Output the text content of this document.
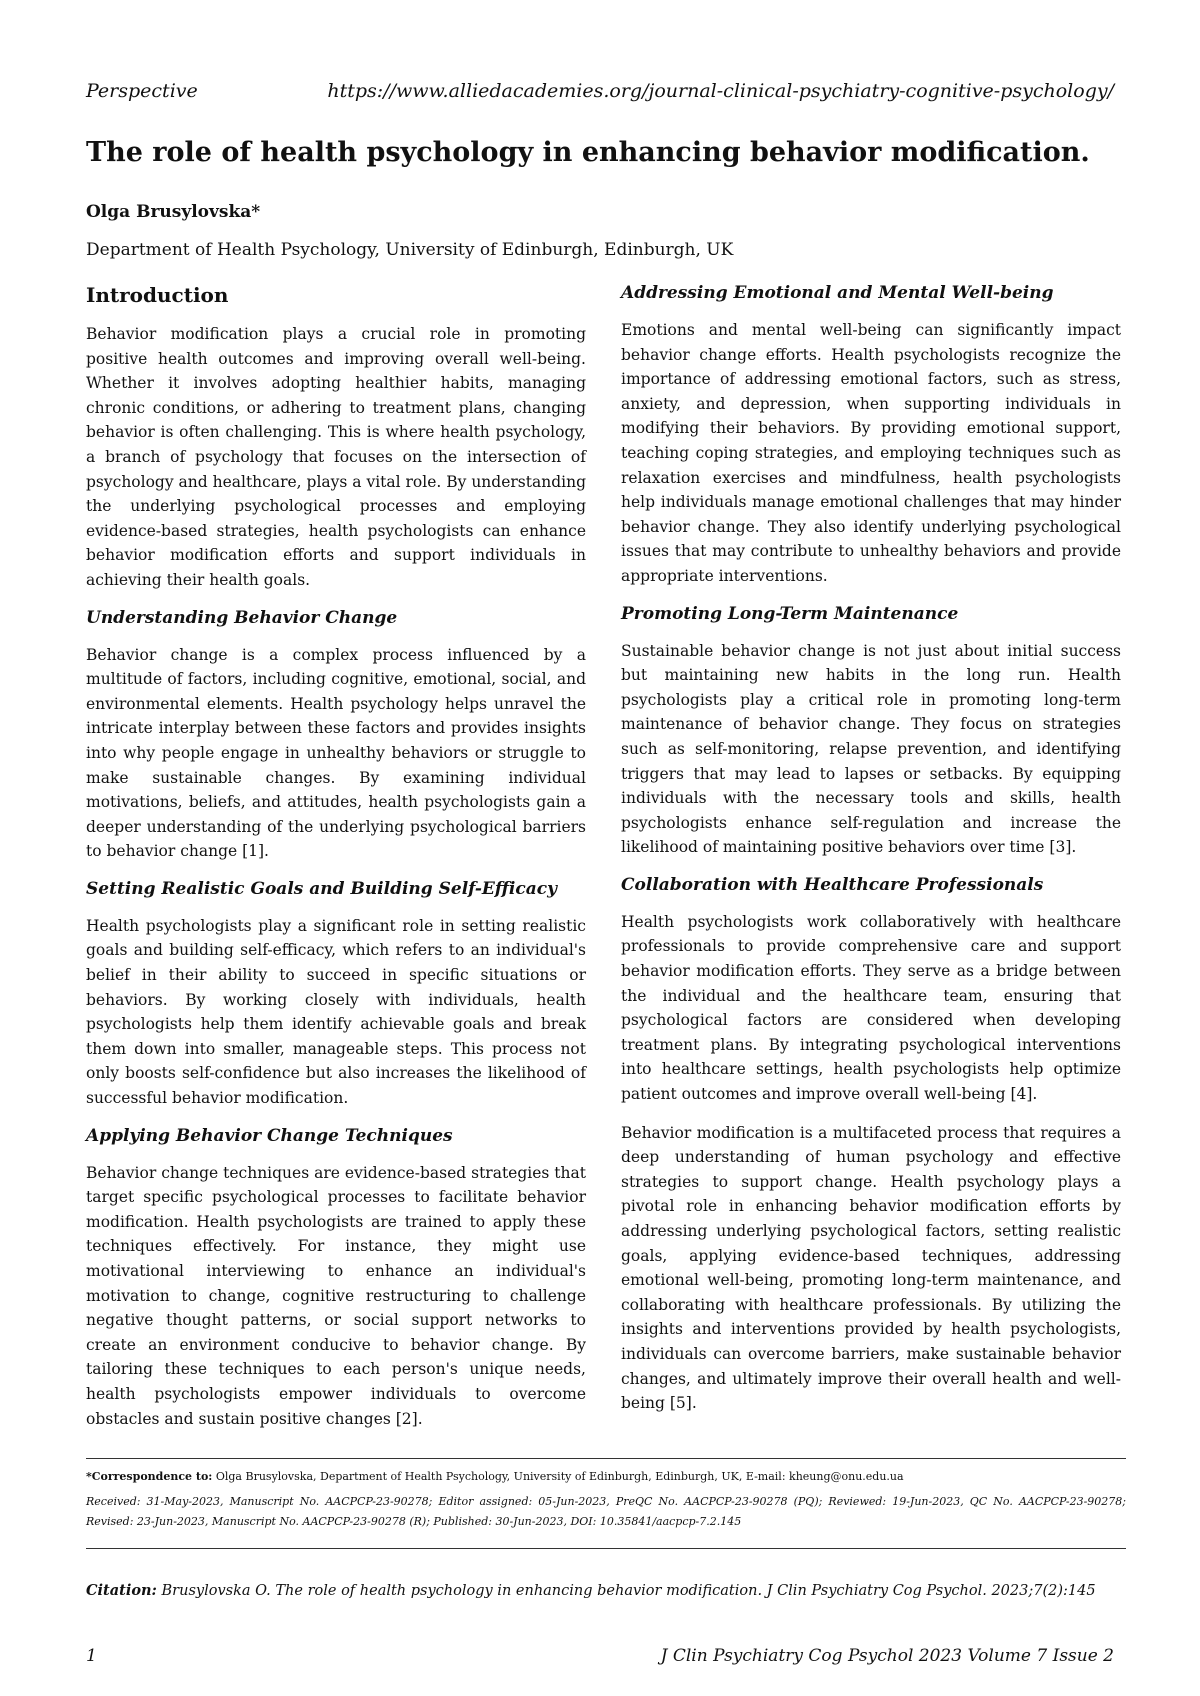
Perspective	https://www.alliedacademies.org/journal-clinical-psychiatry-cognitive-psychology/
The role of health psychology in enhancing behavior modification.
Olga Brusylovska*
Department of Health Psychology, University of Edinburgh, Edinburgh, UK
Introduction

Behavior modification plays a crucial role in promoting positive health outcomes and improving overall well-being. Whether it involves adopting healthier habits, managing chronic conditions, or adhering to treatment plans, changing behavior is often challenging. This is where health psychology, a branch of psychology that focuses on the intersection of psychology and healthcare, plays a vital role. By understanding the underlying psychological processes and employing evidence-based strategies, health psychologists can enhance behavior modification efforts and support individuals in achieving their health goals.

Understanding Behavior Change

Behavior change is a complex process influenced by a multitude of factors, including cognitive, emotional, social, and environmental elements. Health psychology helps unravel the intricate interplay between these factors and provides insights into why people engage in unhealthy behaviors or struggle to make sustainable changes. By examining individual motivations, beliefs, and attitudes, health psychologists gain a deeper understanding of the underlying psychological barriers to behavior change [1].

Setting Realistic Goals and Building Self-Efficacy

Health psychologists play a significant role in setting realistic goals and building self-efficacy, which refers to an individual's belief in their ability to succeed in specific situations or behaviors. By working closely with individuals, health psychologists help them identify achievable goals and break them down into smaller, manageable steps. This process not only boosts self-confidence but also increases the likelihood of successful behavior modification.

Applying Behavior Change Techniques

Behavior change techniques are evidence-based strategies that target specific psychological processes to facilitate behavior modification. Health psychologists are trained to apply these techniques effectively. For instance, they might use motivational interviewing to enhance an individual's motivation to change, cognitive restructuring to challenge negative thought patterns, or social support networks to create an environment conducive to behavior change. By tailoring these techniques to each person's unique needs, health psychologists empower individuals to overcome obstacles and sustain positive changes [2].

Addressing Emotional and Mental Well-being

Emotions and mental well-being can significantly impact behavior change efforts. Health psychologists recognize the importance of addressing emotional factors, such as stress, anxiety, and depression, when supporting individuals in modifying their behaviors. By providing emotional support, teaching coping strategies, and employing techniques such as relaxation exercises and mindfulness, health psychologists help individuals manage emotional challenges that may hinder behavior change. They also identify underlying psychological issues that may contribute to unhealthy behaviors and provide appropriate interventions.

Promoting Long-Term Maintenance

Sustainable behavior change is not just about initial success but maintaining new habits in the long run. Health psychologists play a critical role in promoting long-term maintenance of behavior change. They focus on strategies such as self-monitoring, relapse prevention, and identifying triggers that may lead to lapses or setbacks. By equipping individuals with the necessary tools and skills, health psychologists enhance self-regulation and increase the likelihood of maintaining positive behaviors over time [3].

Collaboration with Healthcare Professionals

Health psychologists work collaboratively with healthcare professionals to provide comprehensive care and support behavior modification efforts. They serve as a bridge between the individual and the healthcare team, ensuring that psychological factors are considered when developing treatment plans. By integrating psychological interventions into healthcare settings, health psychologists help optimize patient outcomes and improve overall well-being [4].

Behavior modification is a multifaceted process that requires a deep understanding of human psychology and effective strategies to support change. Health psychology plays a pivotal role in enhancing behavior modification efforts by addressing underlying psychological factors, setting realistic goals, applying evidence-based techniques, addressing emotional well-being, promoting long-term maintenance, and collaborating with healthcare professionals. By utilizing the insights and interventions provided by health psychologists, individuals can overcome barriers, make sustainable behavior changes, and ultimately improve their overall health and well-being [5].

*Correspondence to: Olga Brusylovska, Department of Health Psychology, University of Edinburgh, Edinburgh, UK, E-mail: kheung@onu.edu.ua
Received: 31-May-2023, Manuscript No. AACPCP-23-90278; Editor assigned: 05-Jun-2023, PreQC No. AACPCP-23-90278 (PQ); Reviewed: 19-Jun-2023, QC No. AACPCP-23-90278; Revised: 23-Jun-2023, Manuscript No. AACPCP-23-90278 (R); Published: 30-Jun-2023, DOI: 10.35841/aacpcp-7.2.145
Citation: Brusylovska O. The role of health psychology in enhancing behavior modification. J Clin Psychiatry Cog Psychol. 2023;7(2):145
1	J Clin Psychiatry Cog Psychol 2023 Volume 7 Issue 2
